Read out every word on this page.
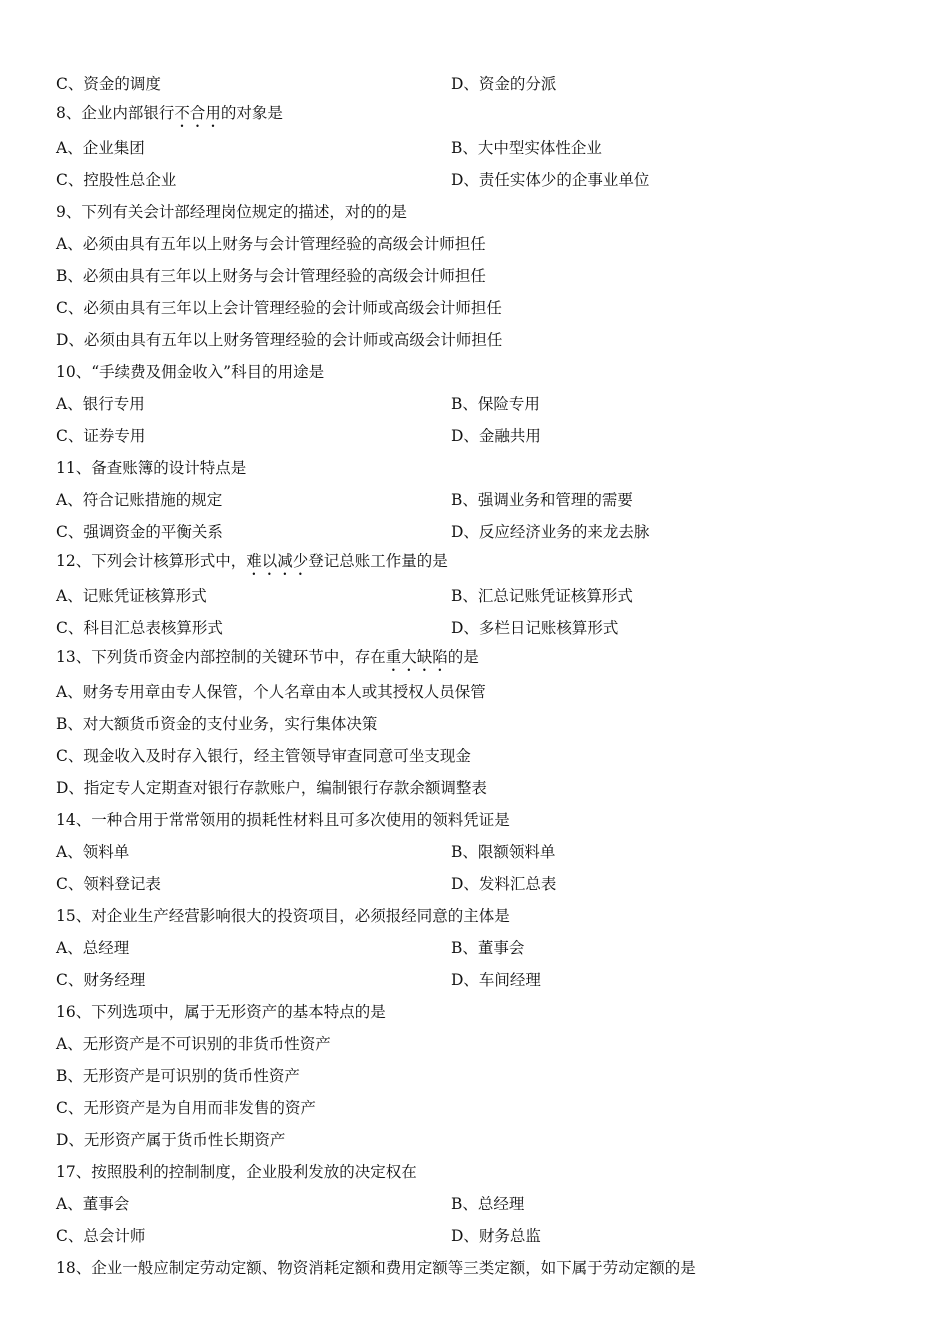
C、资金的调度	D、资金的分派
8、企业内部银行不合用的对象是
A、企业集团	B、大中型实体性企业
C、控股性总企业	D、责任实体少的企事业单位
9、下列有关会计部经理岗位规定的描述，对的的是
A、必须由具有五年以上财务与会计管理经验的高级会计师担任
B、必须由具有三年以上财务与会计管理经验的高级会计师担任
C、必须由具有三年以上会计管理经验的会计师或高级会计师担任
D、必须由具有五年以上财务管理经验的会计师或高级会计师担任
10、“手续费及佣金收入”科目的用途是
A、银行专用	B、保险专用
C、证券专用	D、金融共用
11、备查账簿的设计特点是
A、符合记账措施的规定	B、强调业务和管理的需要
C、强调资金的平衡关系	D、反应经济业务的来龙去脉
12、下列会计核算形式中，难以减少登记总账工作量的是
A、记账凭证核算形式	B、汇总记账凭证核算形式
C、科目汇总表核算形式	D、多栏日记账核算形式
13、下列货币资金内部控制的关键环节中，存在重大缺陷的是
A、财务专用章由专人保管，个人名章由本人或其授权人员保管
B、对大额货币资金的支付业务，实行集体决策
C、现金收入及时存入银行，经主管领导审查同意可坐支现金
D、指定专人定期查对银行存款账户，编制银行存款余额调整表
14、一种合用于常常领用的损耗性材料且可多次使用的领料凭证是
A、领料单	B、限额领料单
C、领料登记表	D、发料汇总表
15、对企业生产经营影响很大的投资项目，必须报经同意的主体是
A、总经理	B、董事会
C、财务经理	D、车间经理
16、下列选项中，属于无形资产的基本特点的是
A、无形资产是不可识别的非货币性资产
B、无形资产是可识别的货币性资产
C、无形资产是为自用而非发售的资产
D、无形资产属于货币性长期资产
17、按照股利的控制制度，企业股利发放的决定权在
A、董事会	B、总经理
C、总会计师	D、财务总监
18、企业一般应制定劳动定额、物资消耗定额和费用定额等三类定额，如下属于劳动定额的是
